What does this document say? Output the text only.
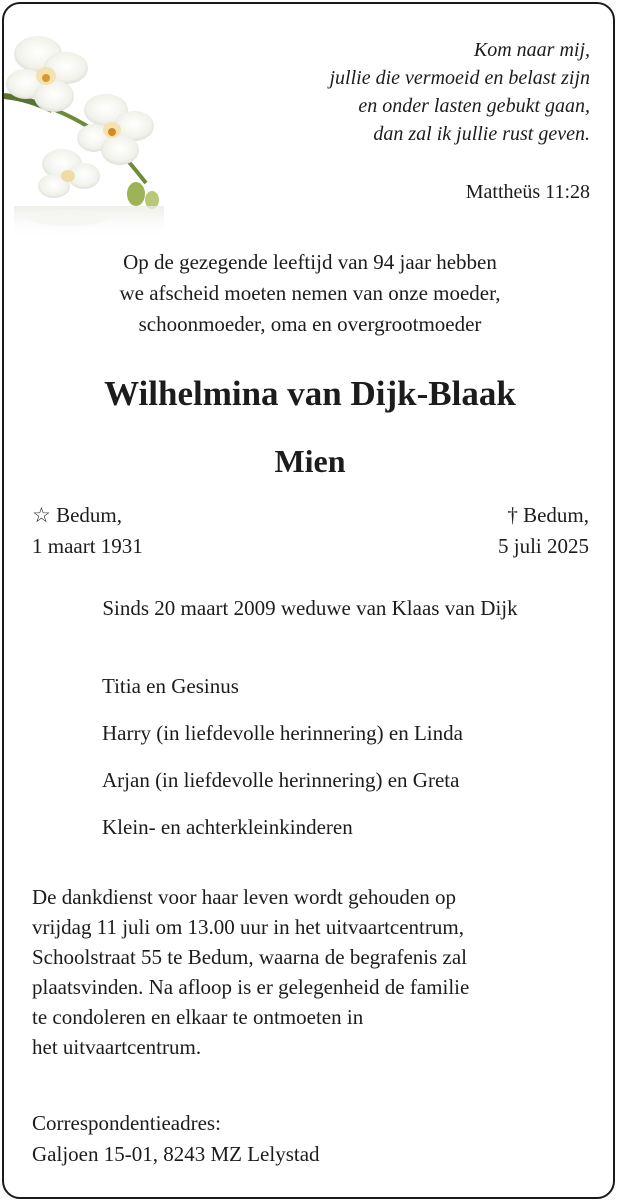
Kom naar mij,
jullie die vermoeid en belast zijn
en onder lasten gebukt gaan,
dan zal ik jullie rust geven.
Mattheüs 11:28
Op de gezegende leeftijd van 94 jaar hebben
we afscheid moeten nemen van onze moeder,
schoonmoeder, oma en overgrootmoeder
Wilhelmina van Dijk-Blaak
Mien
☆ Bedum,
1 maart 1931
† Bedum,
5 juli 2025
Sinds 20 maart 2009 weduwe van Klaas van Dijk
Titia en Gesinus
Harry (in liefdevolle herinnering) en Linda
Arjan (in liefdevolle herinnering) en Greta
Klein- en achterkleinkinderen
De dankdienst voor haar leven wordt gehouden op
vrijdag 11 juli om 13.00 uur in het uitvaartcentrum,
Schoolstraat 55 te Bedum, waarna de begrafenis zal
plaatsvinden. Na afloop is er gelegenheid de familie
te condoleren en elkaar te ontmoeten in
het uitvaartcentrum.
Correspondentieadres:
Galjoen 15-01, 8243 MZ Lelystad
